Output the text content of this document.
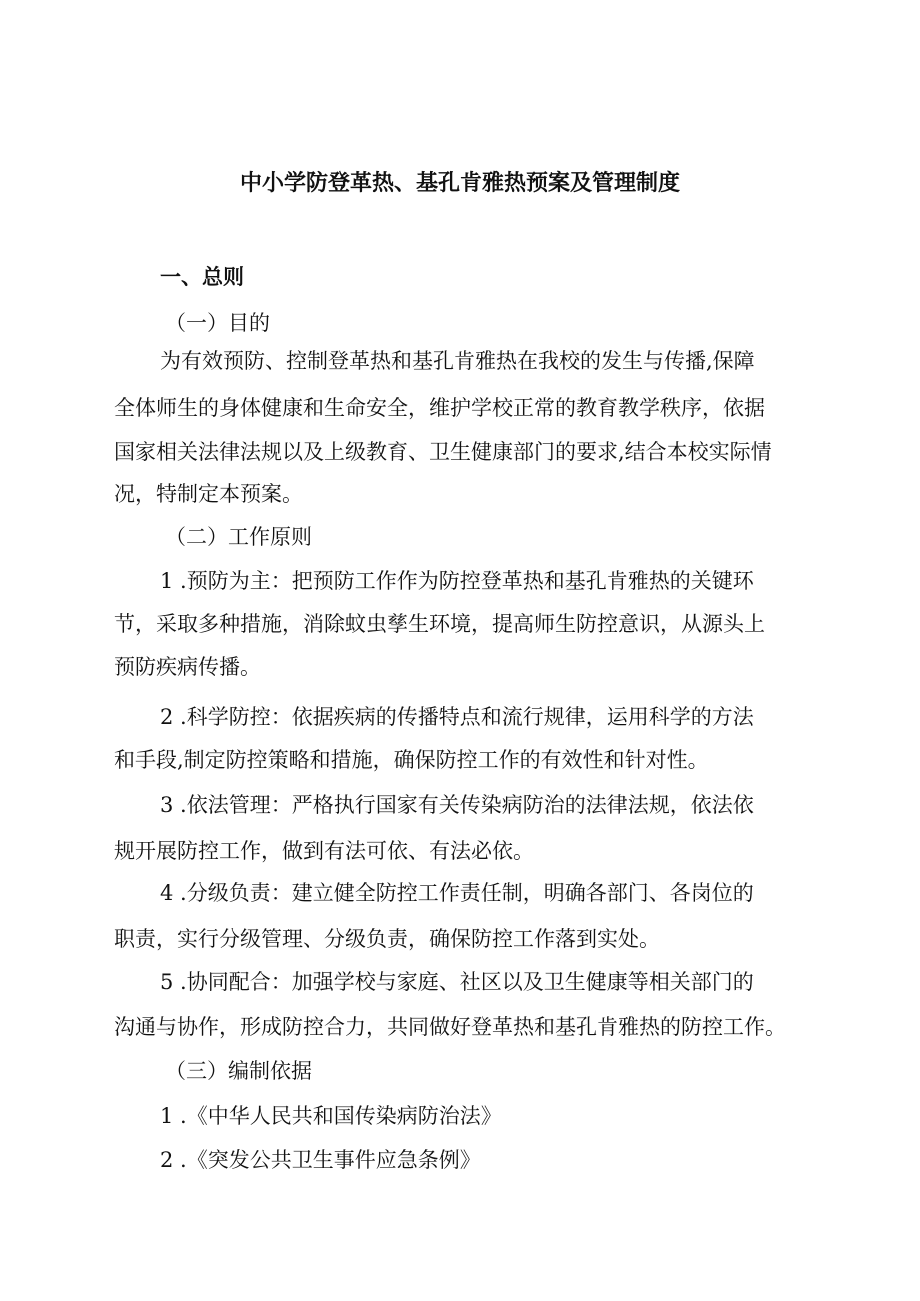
中小学防登革热、基孔肯雅热预案及管理制度
一、总则
（一）目的
为有效预防、控制登革热和基孔肯雅热在我校的发生与传播,保障
全体师生的身体健康和生命安全，维护学校正常的教育教学秩序，依据
国家相关法律法规以及上级教育、卫生健康部门的要求,结合本校实际情
况，特制定本预案。
（二）工作原则
1 .预防为主：把预防工作作为防控登革热和基孔肯雅热的关键环
节，采取多种措施，消除蚊虫孳生环境，提高师生防控意识，从源头上
预防疾病传播。
2 .科学防控：依据疾病的传播特点和流行规律，运用科学的方法
和手段,制定防控策略和措施，确保防控工作的有效性和针对性。
3 .依法管理：严格执行国家有关传染病防治的法律法规，依法依
规开展防控工作，做到有法可依、有法必依。
4 .分级负责：建立健全防控工作责任制，明确各部门、各岗位的
职责，实行分级管理、分级负责，确保防控工作落到实处。
5 .协同配合：加强学校与家庭、社区以及卫生健康等相关部门的
沟通与协作，形成防控合力，共同做好登革热和基孔肯雅热的防控工作。
（三）编制依据
1 .《中华人民共和国传染病防治法》
2 .《突发公共卫生事件应急条例》
